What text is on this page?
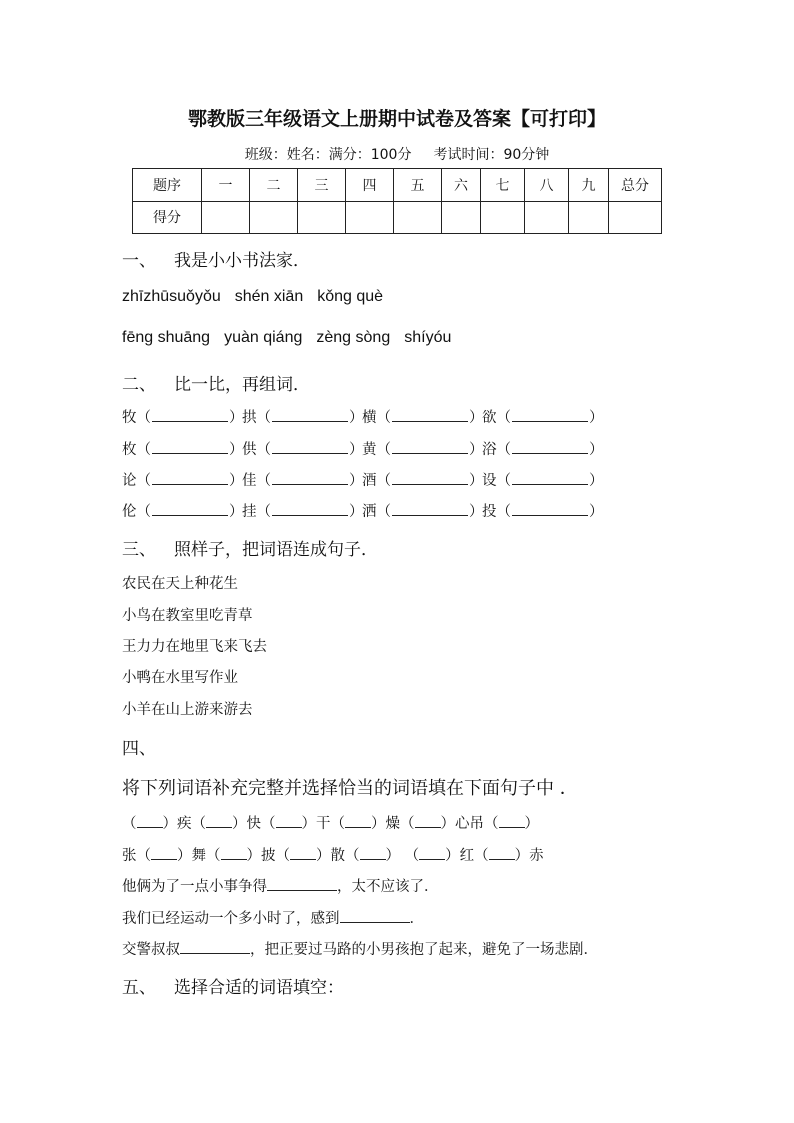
鄂教版三年级语文上册期中试卷及答案【可打印】
班级：姓名：满分：100分 考试时间：90分钟
题序	一	二	三	四	五	六	七	八	九	总分
得分										
一、 我是小小书法家．
zhīzhūsuǒyǒu shén xiān kǒng què
fēng shuāng yuàn qiáng zèng sòng shíyóu
二、 比一比，再组词．
牧（	）拱（	）横（	）欲（	）
枚（	）供（	）黄（	）浴（	）
论（	）佳（	）酒（	）设（	）
伦（	）挂（	）洒（	）投（	）
三、 照样子，把词语连成句子．
农民在天上种花生
小鸟在教室里吃青草
王力力在地里飞来飞去
小鸭在水里写作业
小羊在山上游来游去
四、
将下列词语补充完整并选择恰当的词语填在下面句子中 ．
（ ）疾（ ）快（ ）干（ ）燥（ ）心吊（ ）
张（ ）舞（ ）披（ ）散（ ） （ ）红（ ）赤
他俩为了一点小事争得	，太不应该了．
我们已经运动一个多小时了，感到	．
交警叔叔	，把正要过马路的小男孩抱了起来，避免了一场悲剧．
五、 选择合适的词语填空：
